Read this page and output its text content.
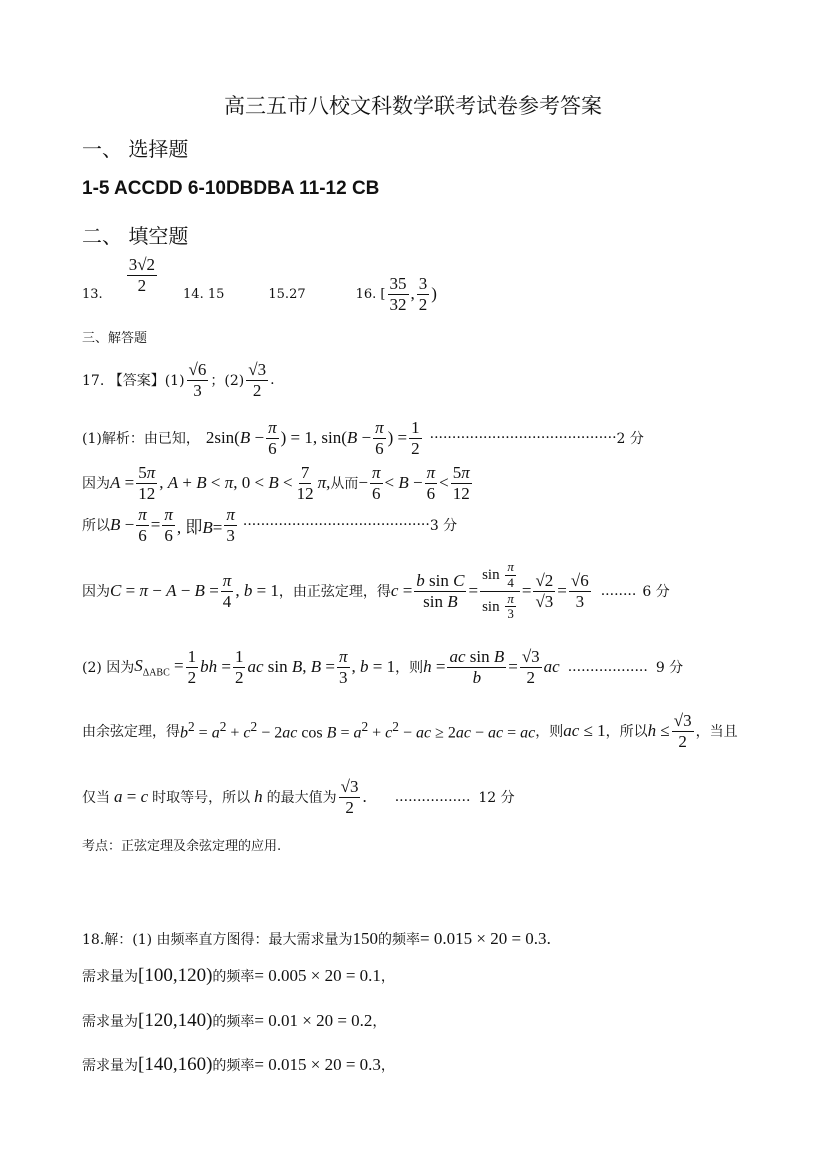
高三五市八校文科数学联考试卷参考答案
一、 选择题
1-5 ACCDD 6-10DBDBA 11-12 CB
二、 填空题
13. $\frac{3√2}{2} 14$. 15	15.27	16. [ $\frac{35}{32}$ , $\frac{3}{2}$ )
三、解答题
17. 【答案】$(1) \frac{√6}{3}$ ；$(2) \frac{√3}{2}$ .
(1)解析：由已知， $2\sin(B - \frac{\pi}{6}$ ) = 1, $\sin(B - \frac{\pi}{6}$ ) = $\frac{1}{2}$ ·········································· 2 分
因为 $A = \frac{5\pi}{12}$ , A + B < π, $0 < B < \frac{7}{12} \pi$, 从而 − $\frac{\pi}{6} < B - \frac{\pi}{6} < \frac{5\pi}{12}$
所以 $B - \frac{\pi}{6} = \frac{\pi}{6}$ , 即$B= \frac{\pi}{3}$ ·········································· 3 分
因为 $C = \pi - A - B = \frac{\pi}{4}$ , b = 1 ，由正弦定理，得 $c = \frac{\text{b sin C}}{\text{sin B}} = \frac{\sin \frac{\pi}{4}}{\sin \frac{\pi}{3}} = \frac{√2}{√3} = \frac{√6}{3}$ ........ 6 分
(2) 因为 $S_{\Delta ABC} = \frac{1}{2}$ bh = $\frac{1}{2}$ ac sin B, $B = \frac{\pi}{3}$ , b = 1 ，则 $h = \frac{\text{ac sin B}}{b} = \frac{√3}{2}$ ac .................. 9 分
由余弦定理，得 $b^2 = a^2 + c^2 - 2ac$ $\cos B = a^2 + c^2$ − ac ≥ 2ac − ac = ac ，则 ac ≤ 1 ，所以 $h \le \frac{√3}{2}$ ，当且
仅当 a = c 时取等号，所以 h 的最大值为 $\frac{√3}{2}$ . ................. 12 分
考点：正弦定理及余弦定理的应用.
18.解：(1) 由频率直方图得：最大需求量为 150 的频率 = 0.015 × 20 = 0.3 .
需求量为 [100,120) 的频率 = 0.005 × 20 = 0.1 ，
需求量为 [120,140) 的频率 = 0.01 × 20 = 0.2 ，
需求量为 [140,160) 的频率 = 0.015 × 20 = 0.3 ，
